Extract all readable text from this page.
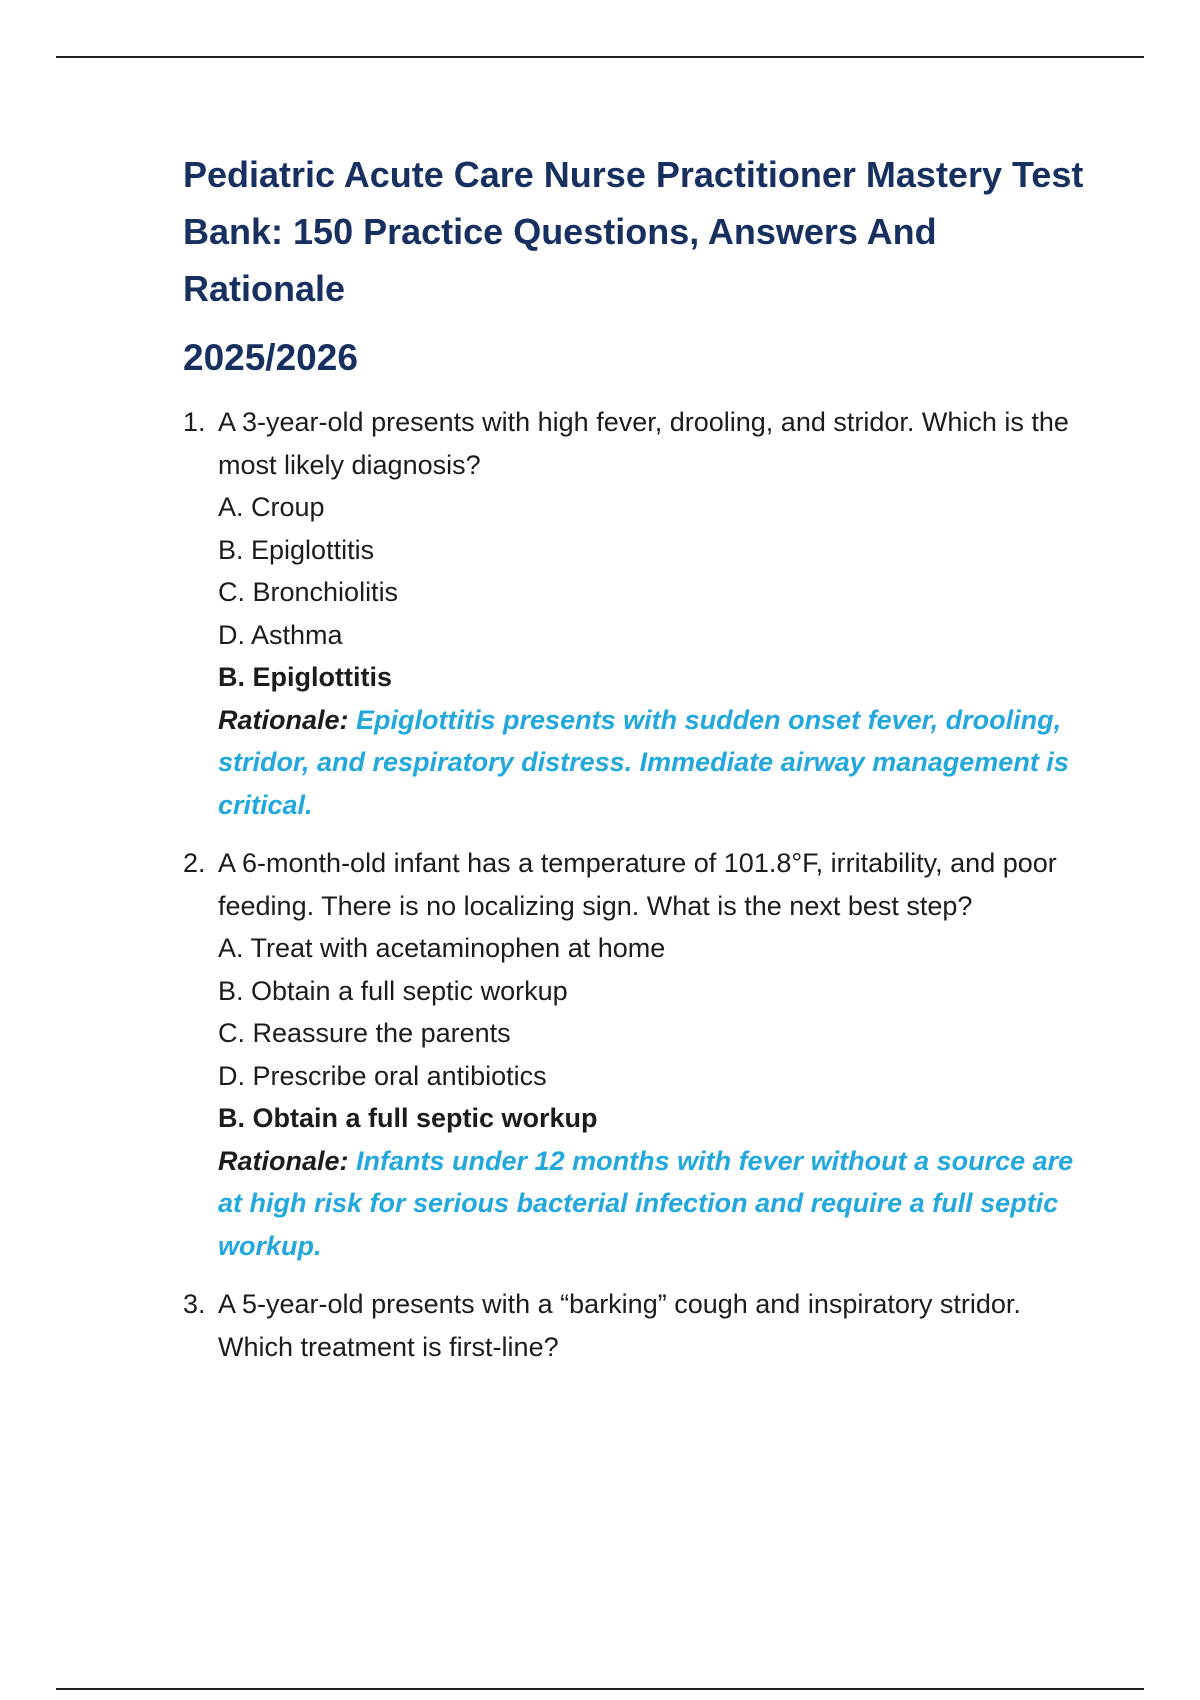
Pediatric Acute Care Nurse Practitioner Mastery Test Bank: 150 Practice Questions, Answers And Rationale
2025/2026
1. A 3-year-old presents with high fever, drooling, and stridor. Which is the most likely diagnosis?
A. Croup
B. Epiglottitis
C. Bronchiolitis
D. Asthma
B. Epiglottitis
Rationale: Epiglottitis presents with sudden onset fever, drooling, stridor, and respiratory distress. Immediate airway management is critical.
2. A 6-month-old infant has a temperature of 101.8°F, irritability, and poor feeding. There is no localizing sign. What is the next best step?
A. Treat with acetaminophen at home
B. Obtain a full septic workup
C. Reassure the parents
D. Prescribe oral antibiotics
B. Obtain a full septic workup
Rationale: Infants under 12 months with fever without a source are at high risk for serious bacterial infection and require a full septic workup.
3. A 5-year-old presents with a “barking” cough and inspiratory stridor. Which treatment is first-line?
